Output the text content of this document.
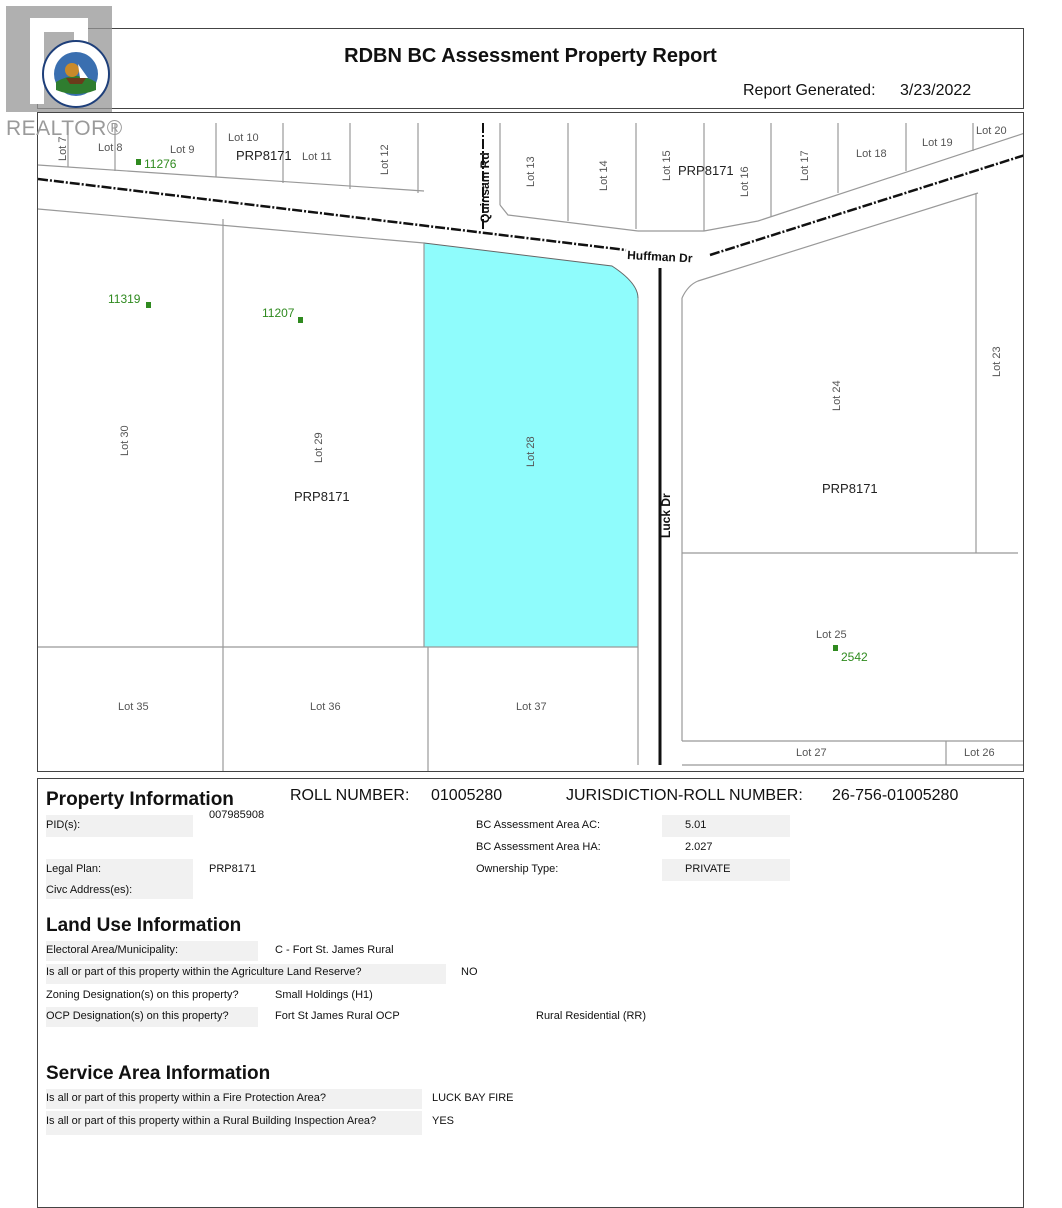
RDBN BC Assessment Property Report
Report Generated: 3/23/2022
Quinsam Rd
Huffman Dr
Luck Dr
PRP8171
PRP8171
PRP8171
PRP8171
Lot 7	Lot 8	Lot 9
Lot 10
Lot 11	Lot 12	Lot 13	Lot 14	Lot 15
Lot 16
Lot 17	Lot 18
Lot 19
Lot 20
Lot 23
Lot 24
Lot 25
Lot 26
Lot 27
Lot 28
Lot 29
Lot 30
Lot 35	Lot 36	Lot 37
11276
11319
11207
2542
Property Information	ROLL NUMBER: 01005280	JURISDICTION-ROLL NUMBER: 26-756-01005280
PID(s):
007985908
BC Assessment Area AC:	5.01
BC Assessment Area HA:	2.027
Legal Plan:	PRP8171	Ownership Type:	PRIVATE
Civc Address(es):
Land Use Information
Electoral Area/Municipality:	C - Fort St. James Rural
Is all or part of this property within the Agriculture Land Reserve?	NO
Zoning Designation(s) on this property?	Small Holdings (H1)
OCP Designation(s) on this property?	Fort St James Rural OCP	Rural Residential (RR)
Service Area Information
Is all or part of this property within a Fire Protection Area?	LUCK BAY FIRE
Is all or part of this property within a Rural Building Inspection Area?	YES
REALTOR®
